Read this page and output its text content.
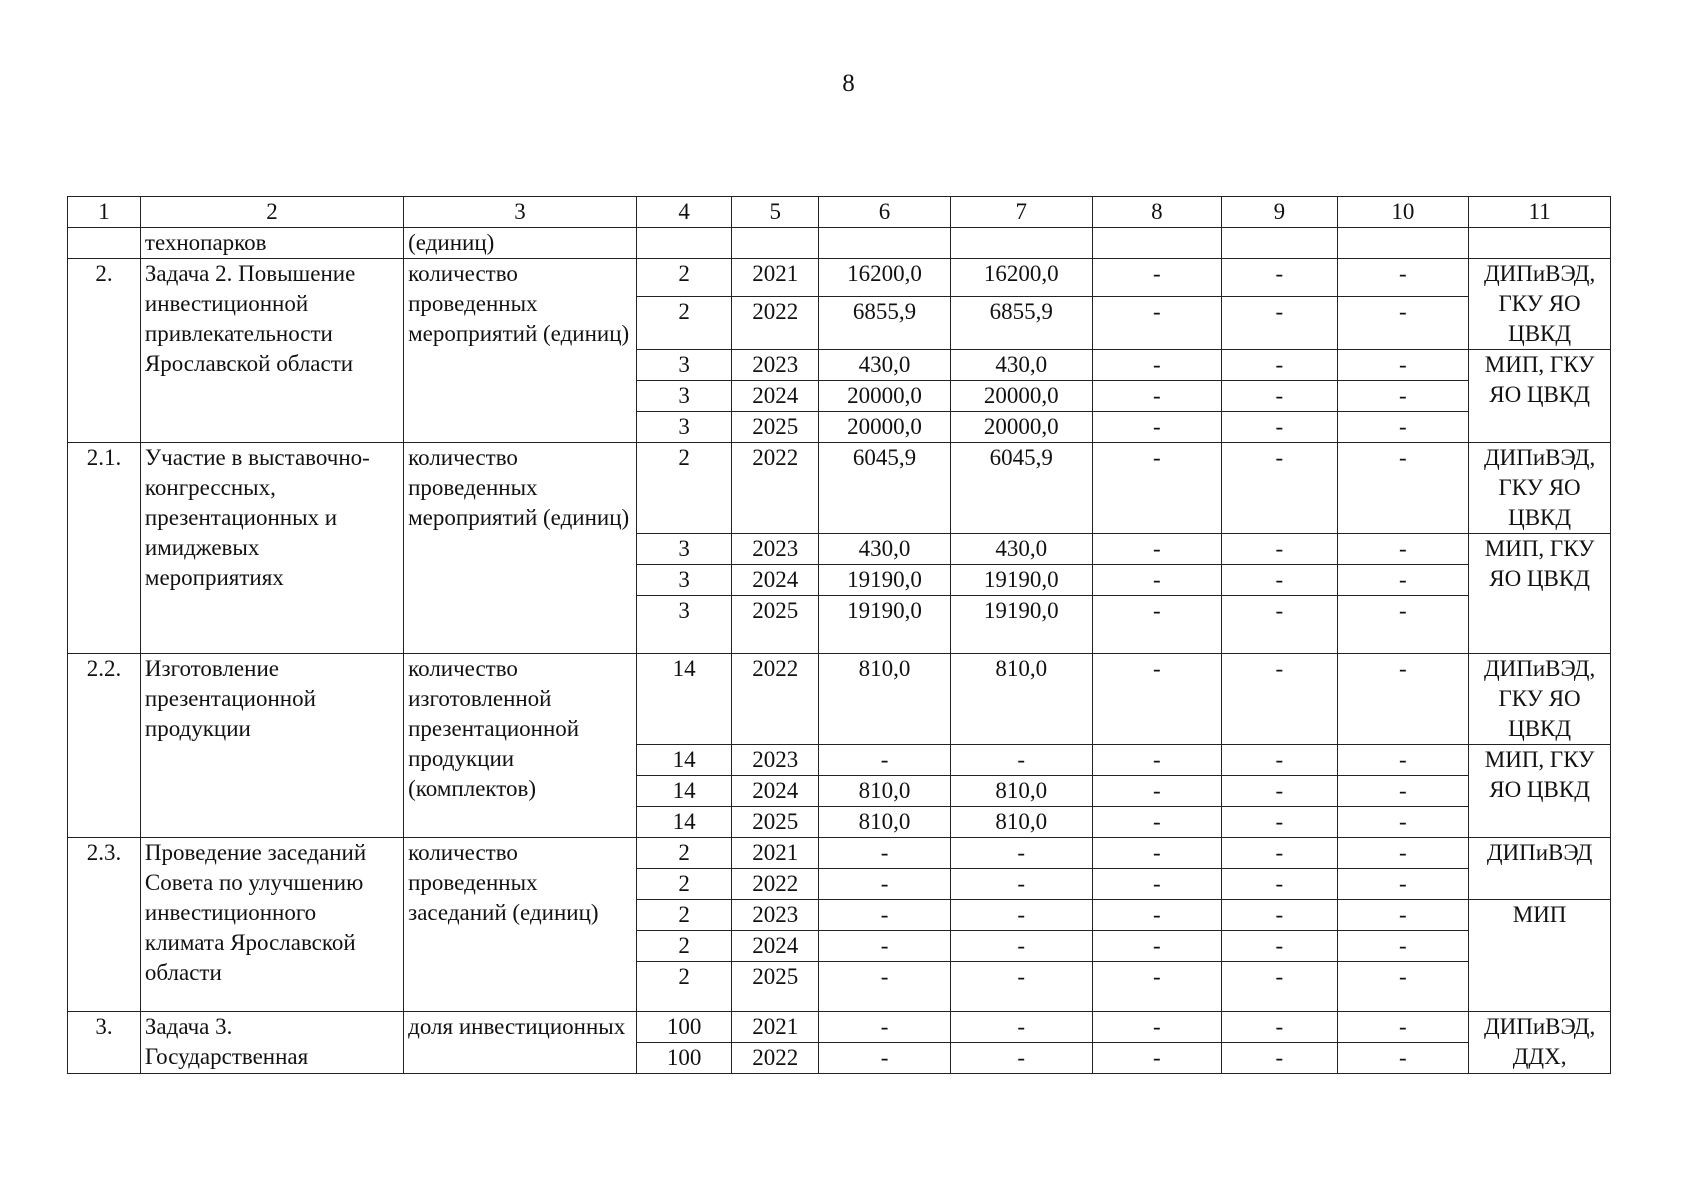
8
1	2	3	4	5	6	7	8	9	10	11
	технопарков	(единиц)								
2.	Задача 2. Повышение инвестиционной привлекательности Ярославской области	количество проведенных мероприятий (единиц)	2	2021	16200,0	16200,0	-	-	-	ДИПиВЭД, ГКУ ЯО ЦВКД
			2	2022	6855,9	6855,9	-	-	-	
			3	2023	430,0	430,0	-	-	-	МИП, ГКУ ЯО ЦВКД
			3	2024	20000,0	20000,0	-	-	-	
			3	2025	20000,0	20000,0	-	-	-	
2.1.	Участие в выставочно-конгрессных, презентационных и имиджевых мероприятиях	количество проведенных мероприятий (единиц)	2	2022	6045,9	6045,9	-	-	-	ДИПиВЭД, ГКУ ЯО ЦВКД
			3	2023	430,0	430,0	-	-	-	МИП, ГКУ ЯО ЦВКД
			3	2024	19190,0	19190,0	-	-	-	
			3	2025	19190,0	19190,0	-	-	-	
2.2.	Изготовление презентационной продукции	количество изготовленной презентационной продукции (комплектов)	14	2022	810,0	810,0	-	-	-	ДИПиВЭД, ГКУ ЯО ЦВКД
			14	2023	-	-	-	-	-	МИП, ГКУ ЯО ЦВКД
			14	2024	810,0	810,0	-	-	-	
			14	2025	810,0	810,0	-	-	-	
2.3.	Проведение заседаний Совета по улучшению инвестиционного климата Ярославской области	количество проведенных заседаний (единиц)	2	2021	-	-	-	-	-	ДИПиВЭД
			2	2022	-	-	-	-	-	
			2	2023	-	-	-	-	-	МИП
			2	2024	-	-	-	-	-	
			2	2025	-	-	-	-	-	
3.	Задача 3. Государственная	доля инвестиционных	100	2021	-	-	-	-	-	ДИПиВЭД, ДДХ,
			100	2022	-	-	-	-	-	
